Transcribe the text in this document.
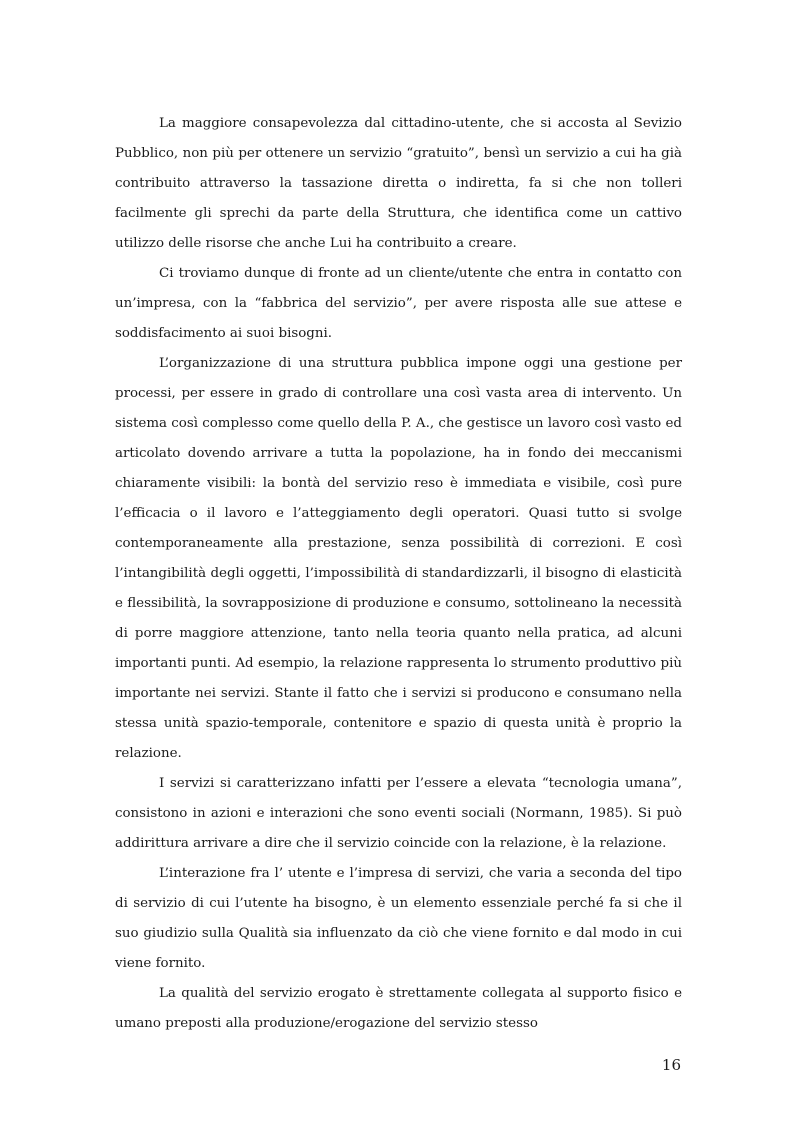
La maggiore consapevolezza dal cittadino-utente, che si accosta al Sevizio Pubblico, non più per ottenere un servizio “gratuito”, bensì un servizio a cui ha già contribuito attraverso la tassazione diretta o indiretta, fa si che non tolleri facilmente gli sprechi da parte della Struttura, che identifica come un cattivo utilizzo delle risorse che anche Lui ha contribuito a creare.

Ci troviamo dunque di fronte ad un cliente/utente che entra in contatto con un’impresa, con la “fabbrica del servizio”, per avere risposta alle sue attese e soddisfacimento ai suoi bisogni.

L’organizzazione di una struttura pubblica impone oggi una gestione per processi, per essere in grado di controllare una così vasta area di intervento. Un sistema così complesso come quello della P. A., che gestisce un lavoro così vasto ed articolato dovendo arrivare a tutta la popolazione, ha in fondo dei meccanismi chiaramente visibili: la bontà del servizio reso è immediata e visibile, così pure l’efficacia o il lavoro e l’atteggiamento degli operatori. Quasi tutto si svolge contemporaneamente alla prestazione, senza possibilità di correzioni. E così l’intangibilità degli oggetti, l’impossibilità di standardizzarli, il bisogno di elasticità e flessibilità, la sovrapposizione di produzione e consumo, sottolineano la necessità di porre maggiore attenzione, tanto nella teoria quanto nella pratica, ad alcuni importanti punti. Ad esempio, la relazione rappresenta lo strumento produttivo più importante nei servizi. Stante il fatto che i servizi si producono e consumano nella stessa unità spazio-temporale, contenitore e spazio di questa unità è proprio la relazione.

I servizi si caratterizzano infatti per l’essere a elevata “tecnologia umana”, consistono in azioni e interazioni che sono eventi sociali (Normann, 1985). Si può addirittura arrivare a dire che il servizio coincide con la relazione, è la relazione.

L’interazione fra l’ utente e l’impresa di servizi, che varia a seconda del tipo di servizio di cui l’utente ha bisogno, è un elemento essenziale perché fa si che il suo giudizio sulla Qualità sia influenzato da ciò che viene fornito e dal modo in cui viene fornito.

La qualità del servizio erogato è strettamente collegata al supporto fisico e umano preposti alla produzione/erogazione del servizio stesso

16
